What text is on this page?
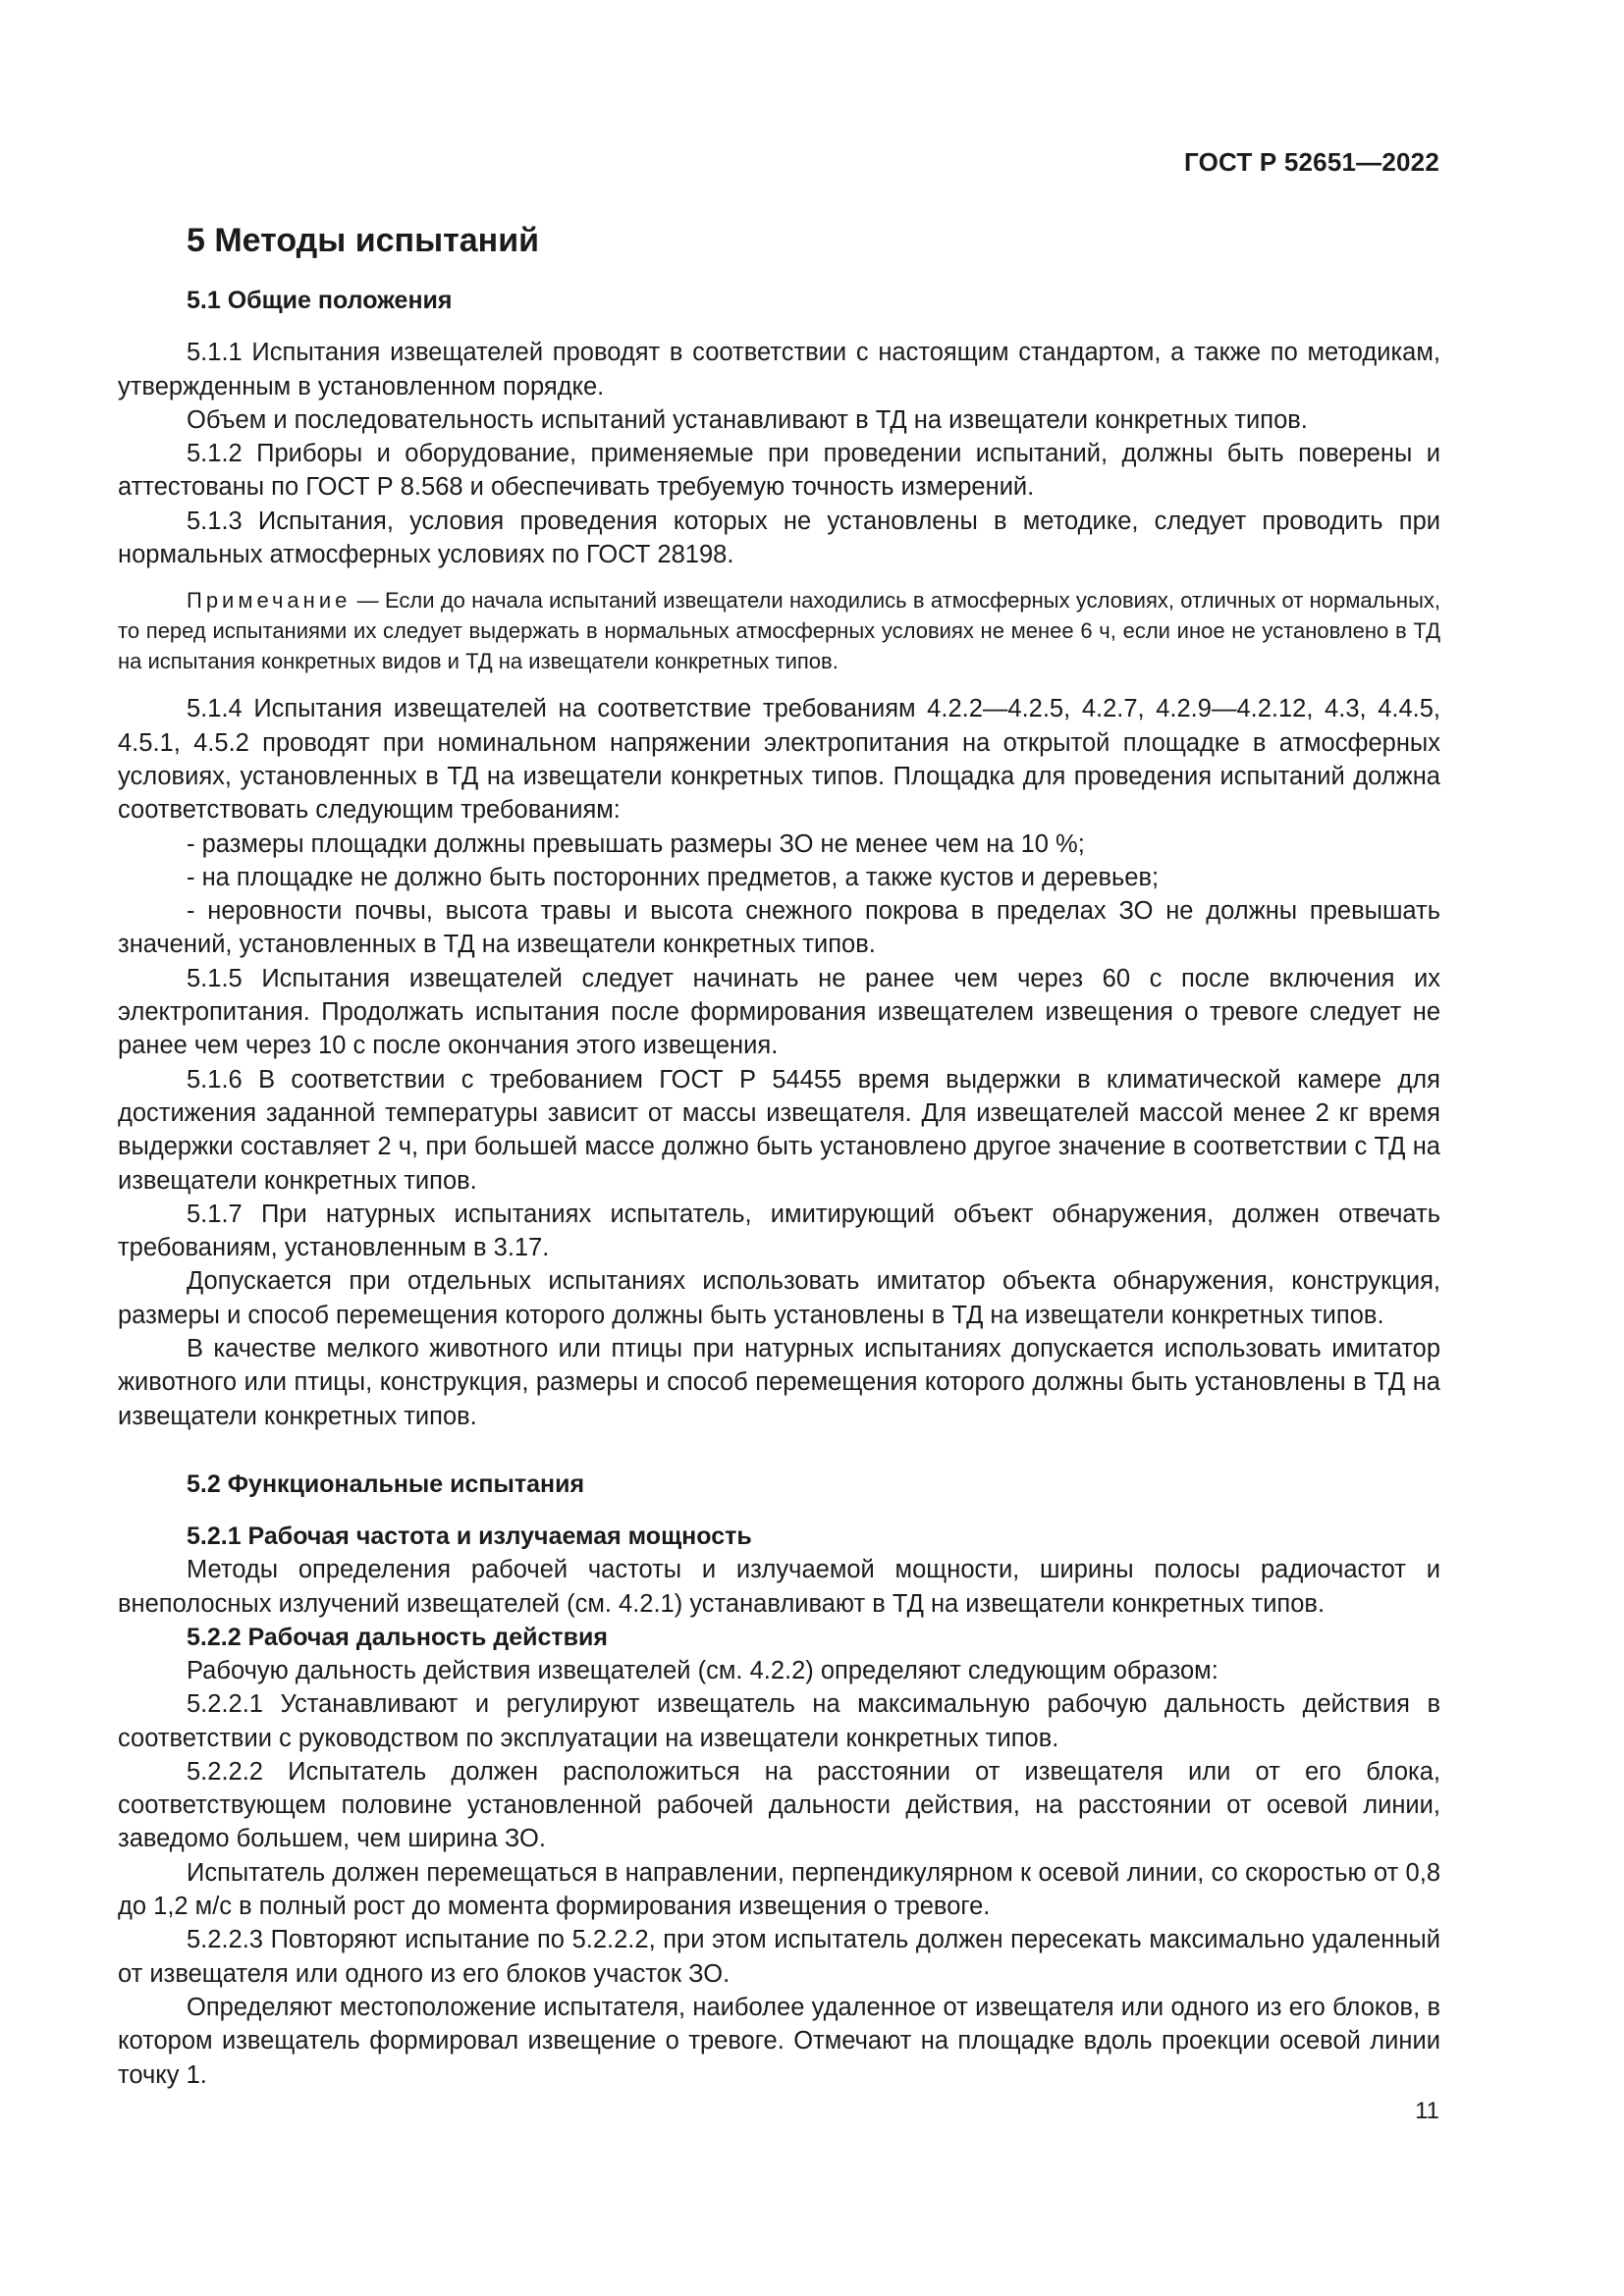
ГОСТ Р 52651—2022
5 Методы испытаний
5.1 Общие положения

5.1.1 Испытания извещателей проводят в соответствии с настоящим стандартом, а также по методикам, утвержденным в установленном порядке.

Объем и последовательность испытаний устанавливают в ТД на извещатели конкретных типов.

5.1.2 Приборы и оборудование, применяемые при проведении испытаний, должны быть поверены и аттестованы по ГОСТ Р 8.568 и обеспечивать требуемую точность измерений.

5.1.3 Испытания, условия проведения которых не установлены в методике, следует проводить при нормальных атмосферных условиях по ГОСТ 28198.

Примечание — Если до начала испытаний извещатели находились в атмосферных условиях, отличных от нормальных, то перед испытаниями их следует выдержать в нормальных атмосферных условиях не менее 6 ч, если иное не установлено в ТД на испытания конкретных видов и ТД на извещатели конкретных типов.

5.1.4 Испытания извещателей на соответствие требованиям 4.2.2—4.2.5, 4.2.7, 4.2.9—4.2.12, 4.3, 4.4.5, 4.5.1, 4.5.2 проводят при номинальном напряжении электропитания на открытой площадке в атмосферных условиях, установленных в ТД на извещатели конкретных типов. Площадка для проведения испытаний должна соответствовать следующим требованиям:

- размеры площадки должны превышать размеры ЗО не менее чем на 10 %;

- на площадке не должно быть посторонних предметов, а также кустов и деревьев;

- неровности почвы, высота травы и высота снежного покрова в пределах ЗО не должны превышать значений, установленных в ТД на извещатели конкретных типов.

5.1.5 Испытания извещателей следует начинать не ранее чем через 60 с после включения их электропитания. Продолжать испытания после формирования извещателем извещения о тревоге следует не ранее чем через 10 с после окончания этого извещения.

5.1.6 В соответствии с требованием ГОСТ Р 54455 время выдержки в климатической камере для достижения заданной температуры зависит от массы извещателя. Для извещателей массой менее 2 кг время выдержки составляет 2 ч, при большей массе должно быть установлено другое значение в соответствии с ТД на извещатели конкретных типов.

5.1.7 При натурных испытаниях испытатель, имитирующий объект обнаружения, должен отвечать требованиям, установленным в 3.17.

Допускается при отдельных испытаниях использовать имитатор объекта обнаружения, конструкция, размеры и способ перемещения которого должны быть установлены в ТД на извещатели конкретных типов.

В качестве мелкого животного или птицы при натурных испытаниях допускается использовать имитатор животного или птицы, конструкция, размеры и способ перемещения которого должны быть установлены в ТД на извещатели конкретных типов.

5.2 Функциональные испытания
5.2.1 Рабочая частота и излучаемая мощность

Методы определения рабочей частоты и излучаемой мощности, ширины полосы радиочастот и внеполосных излучений извещателей (см. 4.2.1) устанавливают в ТД на извещатели конкретных типов.

5.2.2 Рабочая дальность действия

Рабочую дальность действия извещателей (см. 4.2.2) определяют следующим образом:

5.2.2.1 Устанавливают и регулируют извещатель на максимальную рабочую дальность действия в соответствии с руководством по эксплуатации на извещатели конкретных типов.

5.2.2.2 Испытатель должен расположиться на расстоянии от извещателя или от его блока, соответствующем половине установленной рабочей дальности действия, на расстоянии от осевой линии, заведомо большем, чем ширина ЗО.

Испытатель должен перемещаться в направлении, перпендикулярном к осевой линии, со скоростью от 0,8 до 1,2 м/с в полный рост до момента формирования извещения о тревоге.

5.2.2.3 Повторяют испытание по 5.2.2.2, при этом испытатель должен пересекать максимально удаленный от извещателя или одного из его блоков участок ЗО.

Определяют местоположение испытателя, наиболее удаленное от извещателя или одного из его блоков, в котором извещатель формировал извещение о тревоге. Отмечают на площадке вдоль проекции осевой линии точку 1.

11
